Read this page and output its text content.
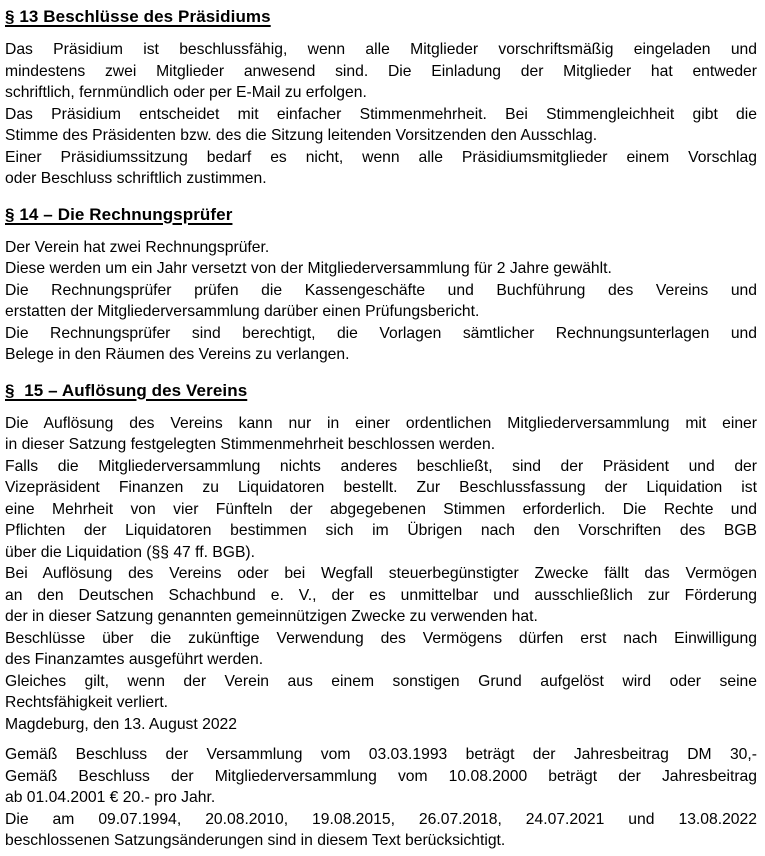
§ 13 Beschlüsse des Präsidiums
Das Präsidium ist beschlussfähig, wenn alle Mitglieder vorschriftsmäßig eingeladen und
mindestens zwei Mitglieder anwesend sind. Die Einladung der Mitglieder hat entweder
schriftlich, fernmündlich oder per E-Mail zu erfolgen.
Das Präsidium entscheidet mit einfacher Stimmenmehrheit. Bei Stimmengleichheit gibt die
Stimme des Präsidenten bzw. des die Sitzung leitenden Vorsitzenden den Ausschlag.
Einer Präsidiumssitzung bedarf es nicht, wenn alle Präsidiumsmitglieder einem Vorschlag
oder Beschluss schriftlich zustimmen.
§ 14 – Die Rechnungsprüfer
Der Verein hat zwei Rechnungsprüfer.
Diese werden um ein Jahr versetzt von der Mitgliederversammlung für 2 Jahre gewählt.
Die Rechnungsprüfer prüfen die Kassengeschäfte und Buchführung des Vereins und
erstatten der Mitgliederversammlung darüber einen Prüfungsbericht.
Die Rechnungsprüfer sind berechtigt, die Vorlagen sämtlicher Rechnungsunterlagen und
Belege in den Räumen des Vereins zu verlangen.
§  15 – Auflösung des Vereins
Die Auflösung des Vereins kann nur in einer ordentlichen Mitgliederversammlung mit einer
in dieser Satzung festgelegten Stimmenmehrheit beschlossen werden.
Falls die Mitgliederversammlung nichts anderes beschließt, sind der Präsident und der
Vizepräsident Finanzen zu Liquidatoren bestellt. Zur Beschlussfassung der Liquidation ist
eine Mehrheit von vier Fünfteln der abgegebenen Stimmen erforderlich. Die Rechte und
Pflichten der Liquidatoren bestimmen sich im Übrigen nach den Vorschriften des BGB
über die Liquidation (§§ 47 ff. BGB).
Bei Auflösung des Vereins oder bei Wegfall steuerbegünstigter Zwecke fällt das Vermögen
an den Deutschen Schachbund e. V., der es unmittelbar und ausschließlich zur Förderung
der in dieser Satzung genannten gemeinnützigen Zwecke zu verwenden hat.
Beschlüsse über die zukünftige Verwendung des Vermögens dürfen erst nach Einwilligung
des Finanzamtes ausgeführt werden.
Gleiches gilt, wenn der Verein aus einem sonstigen Grund aufgelöst wird oder seine
Rechtsfähigkeit verliert.
Magdeburg, den 13. August 2022
Gemäß Beschluss der Versammlung vom 03.03.1993 beträgt der Jahresbeitrag DM 30,-
Gemäß Beschluss der Mitgliederversammlung vom 10.08.2000 beträgt der Jahresbeitrag
ab 01.04.2001 € 20.- pro Jahr.
Die am 09.07.1994, 20.08.2010, 19.08.2015, 26.07.2018, 24.07.2021 und 13.08.2022
beschlossenen Satzungsänderungen sind in diesem Text berücksichtigt.
